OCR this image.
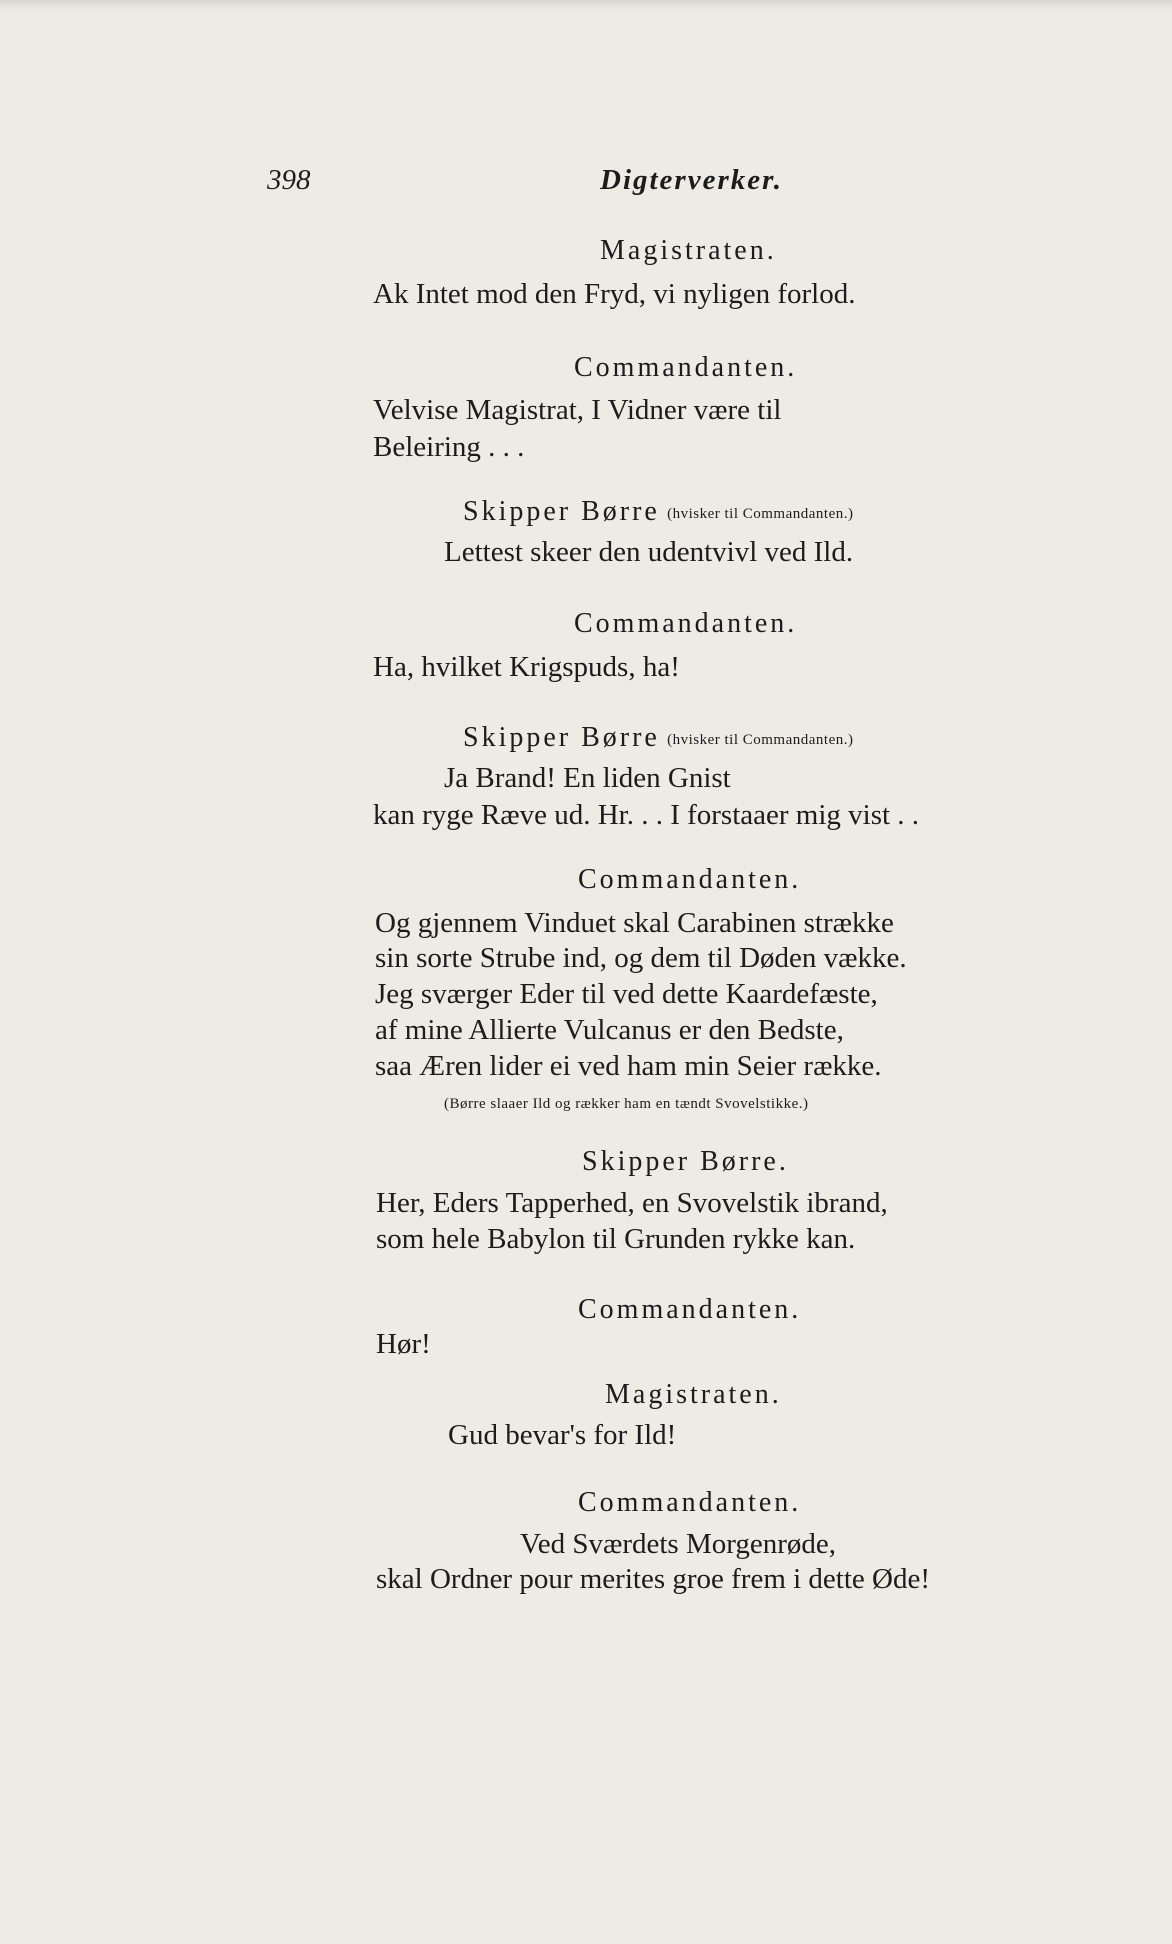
398	Digterverker.
Magistraten.
Ak Intet mod den Fryd, vi nyligen forlod.
Commandanten.
Velvise Magistrat, I Vidner være til
Beleiring . . .
Skipper Børre (hvisker til Commandanten.)
Lettest skeer den udentvivl ved Ild.
Commandanten.
Ha, hvilket Krigspuds, ha!
Skipper Børre (hvisker til Commandanten.)
Ja Brand! En liden Gnist
kan ryge Ræve ud. Hr. . . I forstaaer mig vist . .
Commandanten.
Og gjennem Vinduet skal Carabinen strække
sin sorte Strube ind, og dem til Døden vække.
Jeg sværger Eder til ved dette Kaardefæste,
af mine Allierte Vulcanus er den Bedste,
saa Æren lider ei ved ham min Seier række.
(Børre slaaer Ild og rækker ham en tændt Svovelstikke.)
Skipper Børre.
Her, Eders Tapperhed, en Svovelstik ibrand,
som hele Babylon til Grunden rykke kan.
Commandanten.
Hør!
Magistraten.
Gud bevar's for Ild!
Commandanten.
Ved Sværdets Morgenrøde,
skal Ordner pour merites groe frem i dette Øde!
